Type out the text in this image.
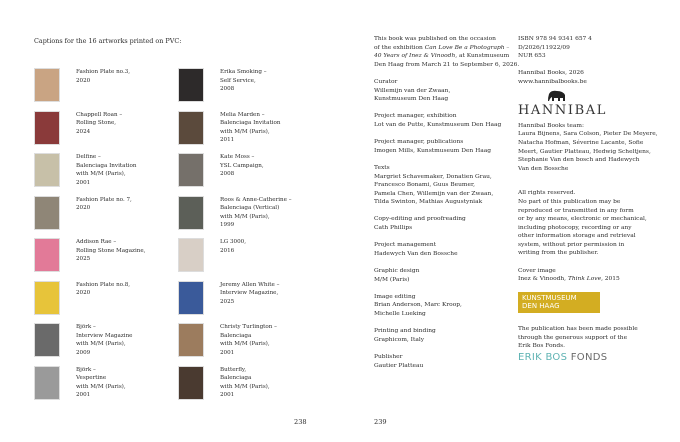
Captions for the 16 artworks printed on PVC:
Fashion Plate no.3,
2020
Chappell Roan –
Rolling Stone,
2024
Delfine –
Balenciaga Invitation
with M/M (Paris),
2001
Fashion Plate no. 7,
2020
Addison Rae –
Rolling Stone Magazine,
2025
Fashion Plate no.8,
2020
Björk –
Interview Magazine
with M/M (Paris),
2009
Björk –
Vespertine
with M/M (Paris),
2001
Erika Smoking –
Self Service,
2008
Melia Marden –
Balenciaga Invitation
with M/M (Paris),
2011
Kate Moss –
YSL Campaign,
2008
Roos & Anne-Catherine –
Balenciaga (Vertical)
with M/M (Paris),
1999
LG 3000,
2016
Jeremy Allen White –
Interview Magazine,
2025
Christy Turlington –
Balenciaga
with M/M (Paris),
2001
Butterfly,
Balenciaga
with M/M (Paris),
2001
238

This book was published on the occasion
of the exhibition Can Love Be a Photograph –
40 Years of Inez & Vinoodh, at Kunstmuseum
Den Haag from March 21 to September 6, 2026.

Curator
Willemijn van der Zwaan,
Kunstmuseum Den Haag

Project manager, exhibition
Lot van de Putte, Kunstmuseum Den Haag

Project manager, publications
Imogen Mills, Kunstmuseum Den Haag

Texts
Margriet Schavemaker, Donatien Grau,
Francesco Bonami, Guus Beumer,
Pamela Chen, Willemijn van der Zwaan,
Tilda Swinton, Mathias Augustyniak

Copy-editing and proofreading
Cath Phillips

Project management
Hadewych Van den Bossche

Graphic design
M/M (Paris)

Image editing
Brian Anderson, Marc Kroop,
Michelle Lueking

Printing and binding
Graphicom, Italy

Publisher
Gautier Platteau

ISBN 978 94 9341 657 4
D/2026/11922/09
NUR 653

Hannibal Books, 2026
www.hannibalbooks.be

HANNIBAL

Hannibal Books team:
Laura Bijnens, Sara Colson, Pieter De Meyere,
Natacha Hofman, Séverine Lacante, Sofie
Meert, Gautier Platteau, Hedwig Scheltjens,
Stephanie Van den bosch and Hadewych
Van den Bossche

All rights reserved.
No part of this publication may be
reproduced or transmitted in any form
or by any means, electronic or mechanical,
including photocopy, recording or any
other information storage and retrieval
system, without prior permission in
writing from the publisher.

Cover image
Inez & Vinoodh, Think Love, 2015

KUNSTMUSEUM
DEN HAAG

The publication has been made possible
through the generous support of the
Erik Bos Fonds.

ERIK BOS FONDS
239
